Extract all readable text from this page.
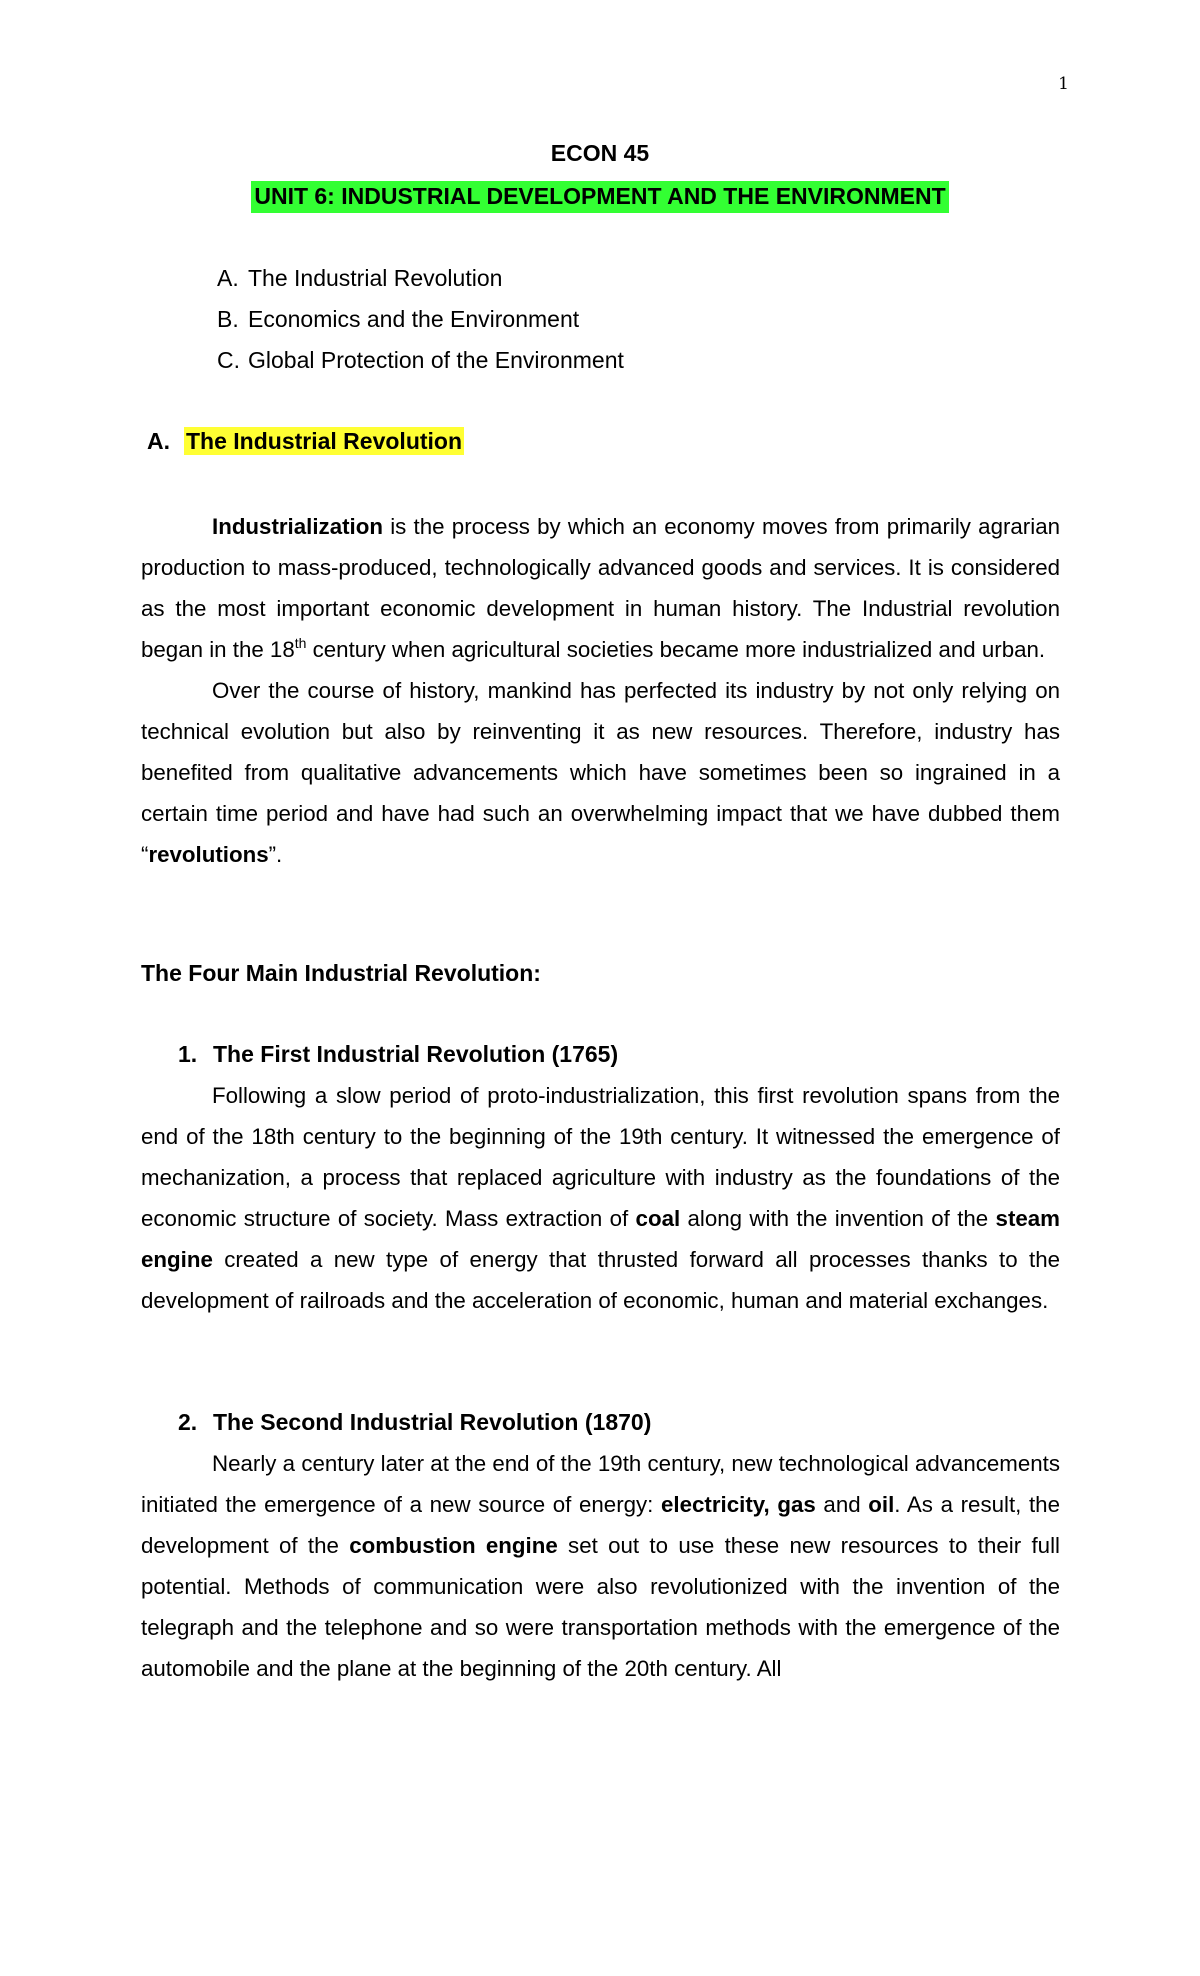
1
ECON 45
UNIT 6: INDUSTRIAL DEVELOPMENT AND THE ENVIRONMENT
A. The Industrial Revolution
B. Economics and the Environment
C. Global Protection of the Environment
A. The Industrial Revolution

Industrialization is the process by which an economy moves from primarily agrarian production to mass-produced, technologically advanced goods and services. It is considered as the most important economic development in human history. The Industrial revolution began in the 18th century when agricultural societies became more industrialized and urban.

Over the course of history, mankind has perfected its industry by not only relying on technical evolution but also by reinventing it as new resources. Therefore, industry has benefited from qualitative advancements which have sometimes been so ingrained in a certain time period and have had such an overwhelming impact that we have dubbed them “revolutions”.

The Four Main Industrial Revolution:
1. The First Industrial Revolution (1765)

Following a slow period of proto-industrialization, this first revolution spans from the end of the 18th century to the beginning of the 19th century. It witnessed the emergence of mechanization, a process that replaced agriculture with industry as the foundations of the economic structure of society. Mass extraction of coal along with the invention of the steam engine created a new type of energy that thrusted forward all processes thanks to the development of railroads and the acceleration of economic, human and material exchanges.

2. The Second Industrial Revolution (1870)

Nearly a century later at the end of the 19th century, new technological advancements initiated the emergence of a new source of energy: electricity, gas and oil. As a result, the development of the combustion engine set out to use these new resources to their full potential. Methods of communication were also revolutionized with the invention of the telegraph and the telephone and so were transportation methods with the emergence of the automobile and the plane at the beginning of the 20th century. All
